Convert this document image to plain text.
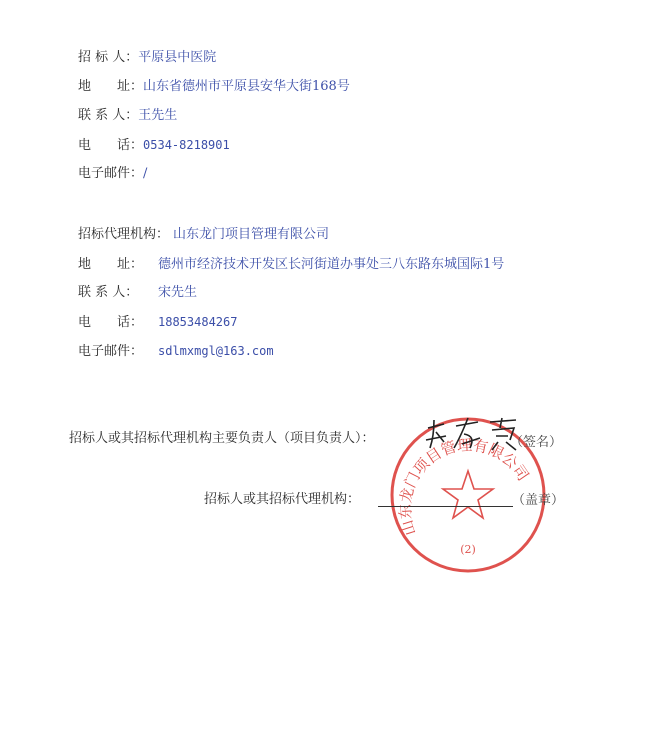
招 标 人：平原县中医院
地　　址：山东省德州市平原县安华大街168号
联 系 人：王先生
电　　话：0534-8218901
电子邮件：/
招标代理机构： 山东龙门项目管理有限公司
地　　址： 德州市经济技术开发区长河街道办事处三八东路东城国际1号
联 系 人： 宋先生
电　　话： 18853484267
电子邮件： sdlmxmgl@163.com
山东龙门项目管理有限公司
(2)
招标人或其招标代理机构主要负责人（项目负责人）：	（签名）
招标人或其招标代理机构：	（盖章）
